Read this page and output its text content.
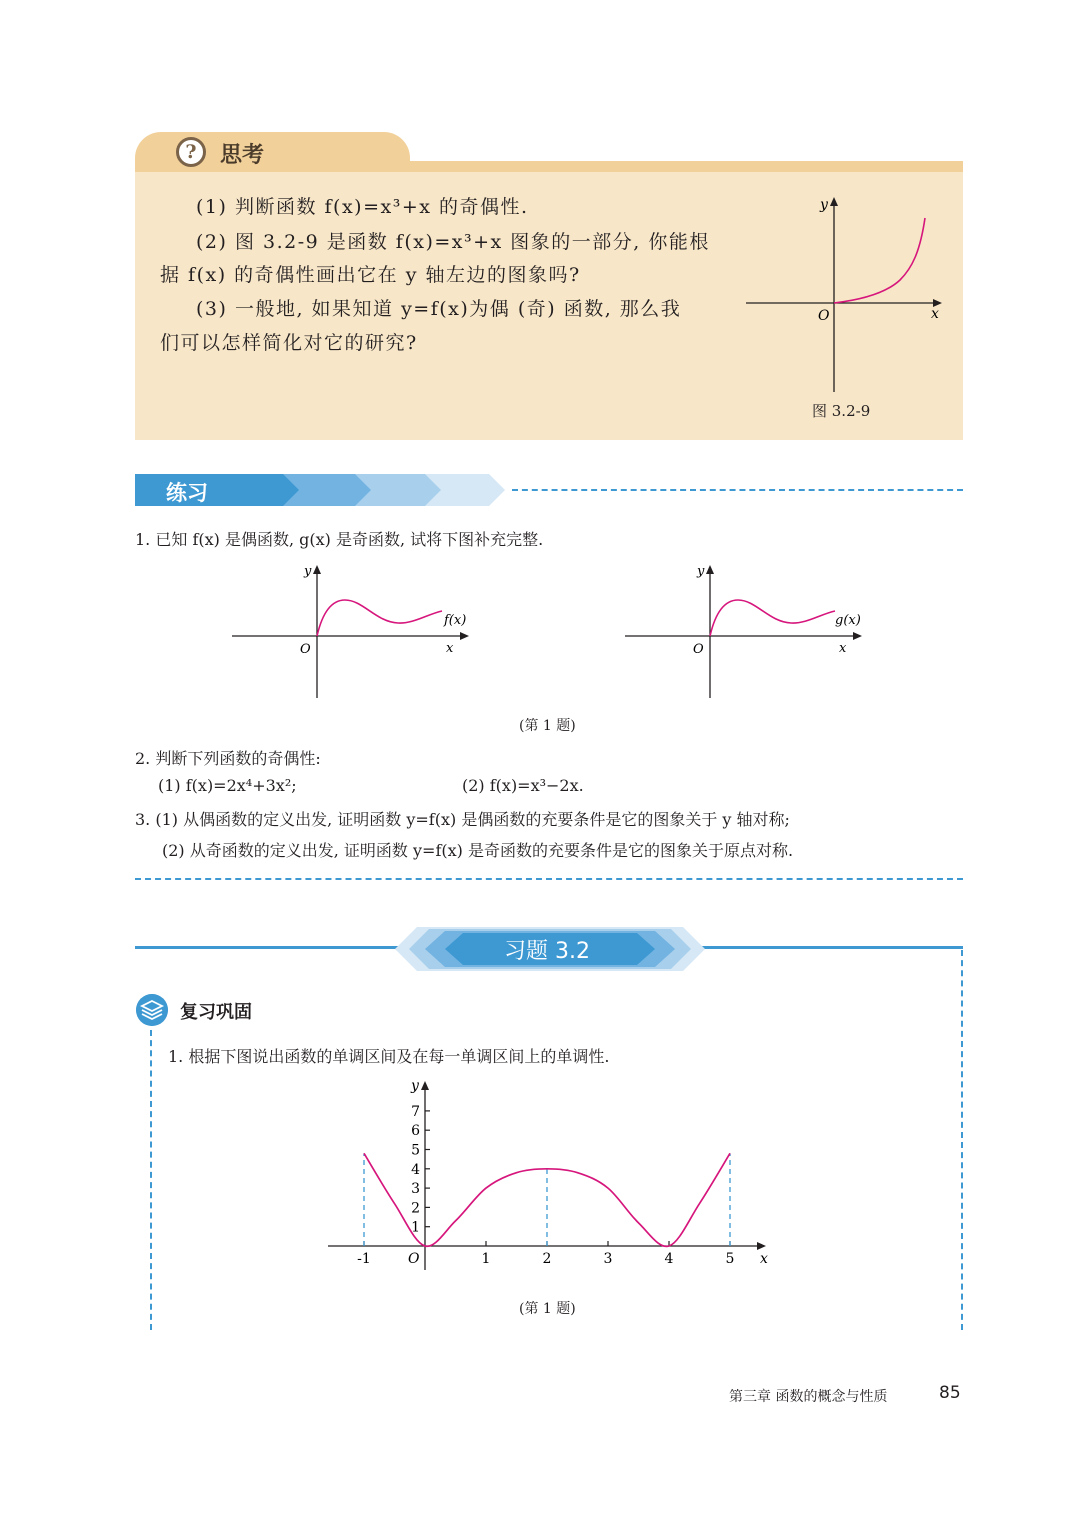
?	思考
(1) 判断函数 f(x)=x³+x 的奇偶性.
(2) 图 3.2-9 是函数 f(x)=x³+x 图象的一部分, 你能根
据 f(x) 的奇偶性画出它在 y 轴左边的图象吗?
(3) 一般地, 如果知道 y=f(x)为偶 (奇) 函数, 那么我
们可以怎样简化对它的研究?
y
x
O
图 3.2-9
练习
1. 已知 f(x) 是偶函数, g(x) 是奇函数, 试将下图补充完整.
y
x
O
f(x)
y
x
O
g(x)
(第 1 题)
2. 判断下列函数的奇偶性:
(1) f(x)=2x⁴+3x²;	(2) f(x)=x³−2x.
3. (1) 从偶函数的定义出发, 证明函数 y=f(x) 是偶函数的充要条件是它的图象关于 y 轴对称;
(2) 从奇函数的定义出发, 证明函数 y=f(x) 是奇函数的充要条件是它的图象关于原点对称.
习题 3.2
复习巩固
1. 根据下图说出函数的单调区间及在每一单调区间上的单调性.
y
x
O
-1	1	2	3	4	5
1
2
3
4
5
6
7
(第 1 题)
第三章 函数的概念与性质	85
